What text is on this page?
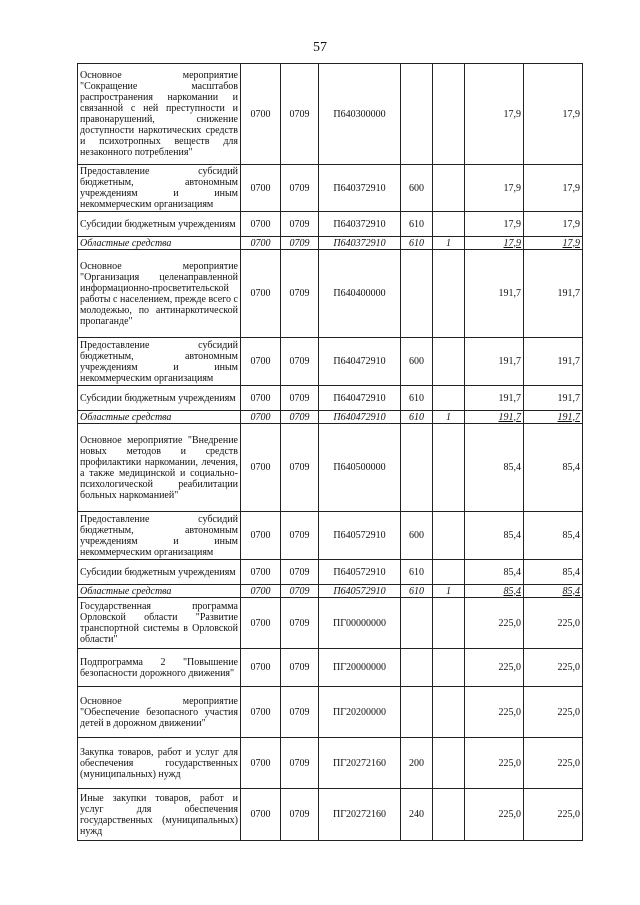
57
Основное мероприятие "Сокращение масштабов распространения наркомании и связанной с ней преступности и правонарушений, снижение доступности наркотических средств и психотропных веществ для незаконного потребления"	0700	0709	П640300000			17,9	17,9
Предоставление субсидий бюджетным, автономным учреждениям и иным некоммерческим организациям	0700	0709	П640372910	600		17,9	17,9
Субсидии бюджетным учреждениям	0700	0709	П640372910	610		17,9	17,9
Областные средства	0700	0709	П640372910	610	1	17,9	17,9
Основное мероприятие "Организация целенаправленной информационно-просветительской работы с населением, прежде всего с молодежью, по антинаркотической пропаганде"	0700	0709	П640400000			191,7	191,7
Предоставление субсидий бюджетным, автономным учреждениям и иным некоммерческим организациям	0700	0709	П640472910	600		191,7	191,7
Субсидии бюджетным учреждениям	0700	0709	П640472910	610		191,7	191,7
Областные средства	0700	0709	П640472910	610	1	191,7	191,7
Основное мероприятие "Внедрение новых методов и средств профилактики наркомании, лечения, а также медицинской и социально-психологической реабилитации больных наркоманией"	0700	0709	П640500000			85,4	85,4
Предоставление субсидий бюджетным, автономным учреждениям и иным некоммерческим организациям	0700	0709	П640572910	600		85,4	85,4
Субсидии бюджетным учреждениям	0700	0709	П640572910	610		85,4	85,4
Областные средства	0700	0709	П640572910	610	1	85,4	85,4
Государственная программа Орловской области "Развитие транспортной системы в Орловской области"	0700	0709	ПГ00000000			225,0	225,0
Подпрограмма 2 "Повышение безопасности дорожного движения"	0700	0709	ПГ20000000			225,0	225,0
Основное мероприятие "Обеспечение безопасного участия детей в дорожном движении"	0700	0709	ПГ20200000			225,0	225,0
Закупка товаров, работ и услуг для обеспечения государственных (муниципальных) нужд	0700	0709	ПГ20272160	200		225,0	225,0
Иные закупки товаров, работ и услуг для обеспечения государственных (муниципальных) нужд	0700	0709	ПГ20272160	240		225,0	225,0
